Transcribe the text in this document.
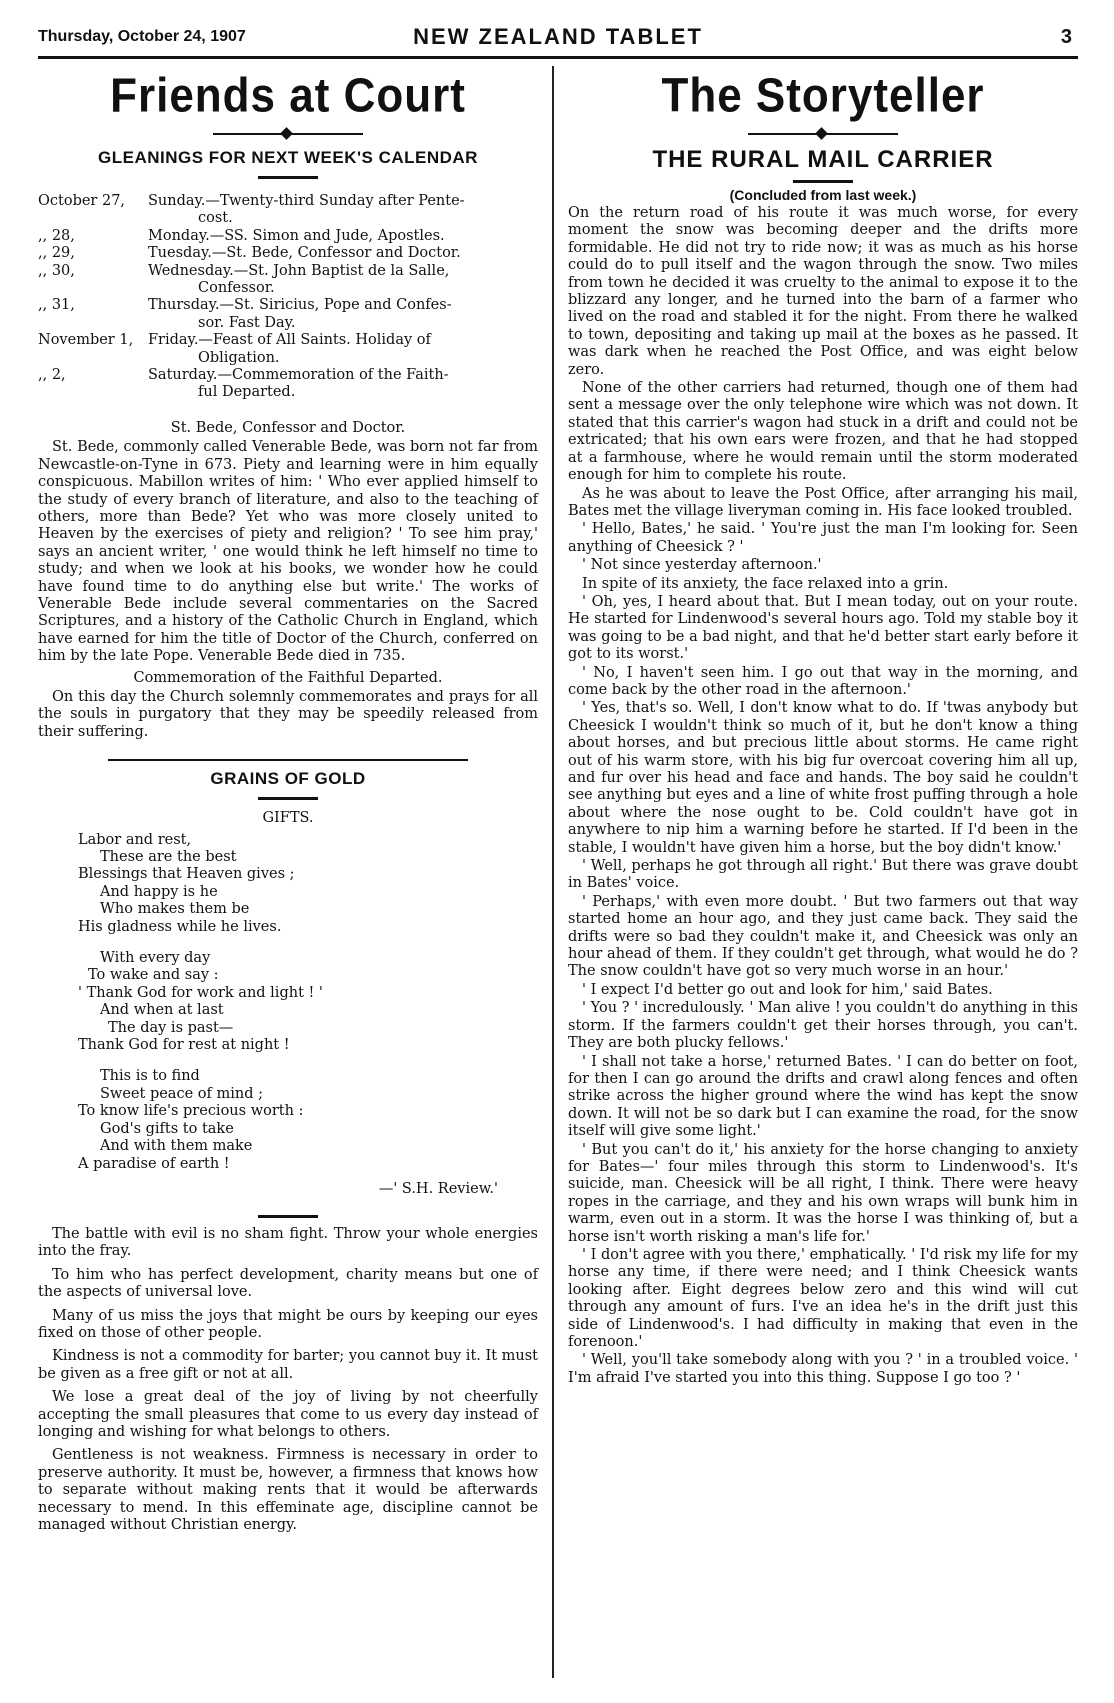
Thursday, October 24, 1907	NEW ZEALAND TABLET	3
Friends at Court
GLEANINGS FOR NEXT WEEK'S CALENDAR
October 27,	Sunday.—Twenty-third Sunday after Pente-
cost.
,, 28,	Monday.—SS. Simon and Jude, Apostles.
,, 29,	Tuesday.—St. Bede, Confessor and Doctor.
,, 30,	Wednesday.—St. John Baptist de la Salle,
Confessor.
,, 31,	Thursday.—St. Siricius, Pope and Confes-
sor. Fast Day.
November 1,	Friday.—Feast of All Saints. Holiday of
Obligation.
,, 2,	Saturday.—Commemoration of the Faith-
ful Departed.
St. Bede, Confessor and Doctor.

St. Bede, commonly called Venerable Bede, was born not far from Newcastle-on-Tyne in 673. Piety and learning were in him equally conspicuous. Mabillon writes of him: ' Who ever applied himself to the study of every branch of literature, and also to the teaching of others, more than Bede? Yet who was more closely united to Heaven by the exercises of piety and religion? ' To see him pray,' says an ancient writer, ' one would think he left himself no time to study; and when we look at his books, we wonder how he could have found time to do anything else but write.' The works of Venerable Bede include several commentaries on the Sacred Scriptures, and a history of the Catholic Church in England, which have earned for him the title of Doctor of the Church, conferred on him by the late Pope. Venerable Bede died in 735.

Commemoration of the Faithful Departed.

On this day the Church solemnly commemorates and prays for all the souls in purgatory that they may be speedily released from their suffering.

GRAINS OF GOLD
GIFTS.
Labor and rest,
These are the best
Blessings that Heaven gives ;
And happy is he
Who makes them be
His gladness while he lives.
With every day
To wake and say :
' Thank God for work and light ! '
And when at last
The day is past—
Thank God for rest at night !
This is to find
Sweet peace of mind ;
To know life's precious worth :
God's gifts to take
And with them make
A paradise of earth !
—' S.H. Review.'

The battle with evil is no sham fight. Throw your whole energies into the fray.

To him who has perfect development, charity means but one of the aspects of universal love.

Many of us miss the joys that might be ours by keeping our eyes fixed on those of other people.

Kindness is not a commodity for barter; you cannot buy it. It must be given as a free gift or not at all.

We lose a great deal of the joy of living by not cheerfully accepting the small pleasures that come to us every day instead of longing and wishing for what belongs to others.

Gentleness is not weakness. Firmness is necessary in order to preserve authority. It must be, however, a firmness that knows how to separate without making rents that it would be afterwards necessary to mend. In this effeminate age, discipline cannot be managed without Christian energy.

The Storyteller
THE RURAL MAIL CARRIER
(Concluded from last week.)

On the return road of his route it was much worse, for every moment the snow was becoming deeper and the drifts more formidable. He did not try to ride now; it was as much as his horse could do to pull itself and the wagon through the snow. Two miles from town he decided it was cruelty to the animal to expose it to the blizzard any longer, and he turned into the barn of a farmer who lived on the road and stabled it for the night. From there he walked to town, depositing and taking up mail at the boxes as he passed. It was dark when he reached the Post Office, and was eight below zero.

None of the other carriers had returned, though one of them had sent a message over the only telephone wire which was not down. It stated that this carrier's wagon had stuck in a drift and could not be extricated; that his own ears were frozen, and that he had stopped at a farmhouse, where he would remain until the storm moderated enough for him to complete his route.

As he was about to leave the Post Office, after arranging his mail, Bates met the village liveryman coming in. His face looked troubled.

' Hello, Bates,' he said. ' You're just the man I'm looking for. Seen anything of Cheesick ? '

' Not since yesterday afternoon.'

In spite of its anxiety, the face relaxed into a grin.

' Oh, yes, I heard about that. But I mean today, out on your route. He started for Lindenwood's several hours ago. Told my stable boy it was going to be a bad night, and that he'd better start early before it got to its worst.'

' No, I haven't seen him. I go out that way in the morning, and come back by the other road in the afternoon.'

' Yes, that's so. Well, I don't know what to do. If 'twas anybody but Cheesick I wouldn't think so much of it, but he don't know a thing about horses, and but precious little about storms. He came right out of his warm store, with his big fur overcoat covering him all up, and fur over his head and face and hands. The boy said he couldn't see anything but eyes and a line of white frost puffing through a hole about where the nose ought to be. Cold couldn't have got in anywhere to nip him a warning before he started. If I'd been in the stable, I wouldn't have given him a horse, but the boy didn't know.'

' Well, perhaps he got through all right.' But there was grave doubt in Bates' voice.

' Perhaps,' with even more doubt. ' But two farmers out that way started home an hour ago, and they just came back. They said the drifts were so bad they couldn't make it, and Cheesick was only an hour ahead of them. If they couldn't get through, what would he do ? The snow couldn't have got so very much worse in an hour.'

' I expect I'd better go out and look for him,' said Bates.

' You ? ' incredulously. ' Man alive ! you couldn't do anything in this storm. If the farmers couldn't get their horses through, you can't. They are both plucky fellows.'

' I shall not take a horse,' returned Bates. ' I can do better on foot, for then I can go around the drifts and crawl along fences and often strike across the higher ground where the wind has kept the snow down. It will not be so dark but I can examine the road, for the snow itself will give some light.'

' But you can't do it,' his anxiety for the horse changing to anxiety for Bates—' four miles through this storm to Lindenwood's. It's suicide, man. Cheesick will be all right, I think. There were heavy ropes in the carriage, and they and his own wraps will bunk him in warm, even out in a storm. It was the horse I was thinking of, but a horse isn't worth risking a man's life for.'

' I don't agree with you there,' emphatically. ' I'd risk my life for my horse any time, if there were need; and I think Cheesick wants looking after. Eight degrees below zero and this wind will cut through any amount of furs. I've an idea he's in the drift just this side of Lindenwood's. I had difficulty in making that even in the forenoon.'

' Well, you'll take somebody along with you ? ' in a troubled voice. ' I'm afraid I've started you into this thing. Suppose I go too ? '
